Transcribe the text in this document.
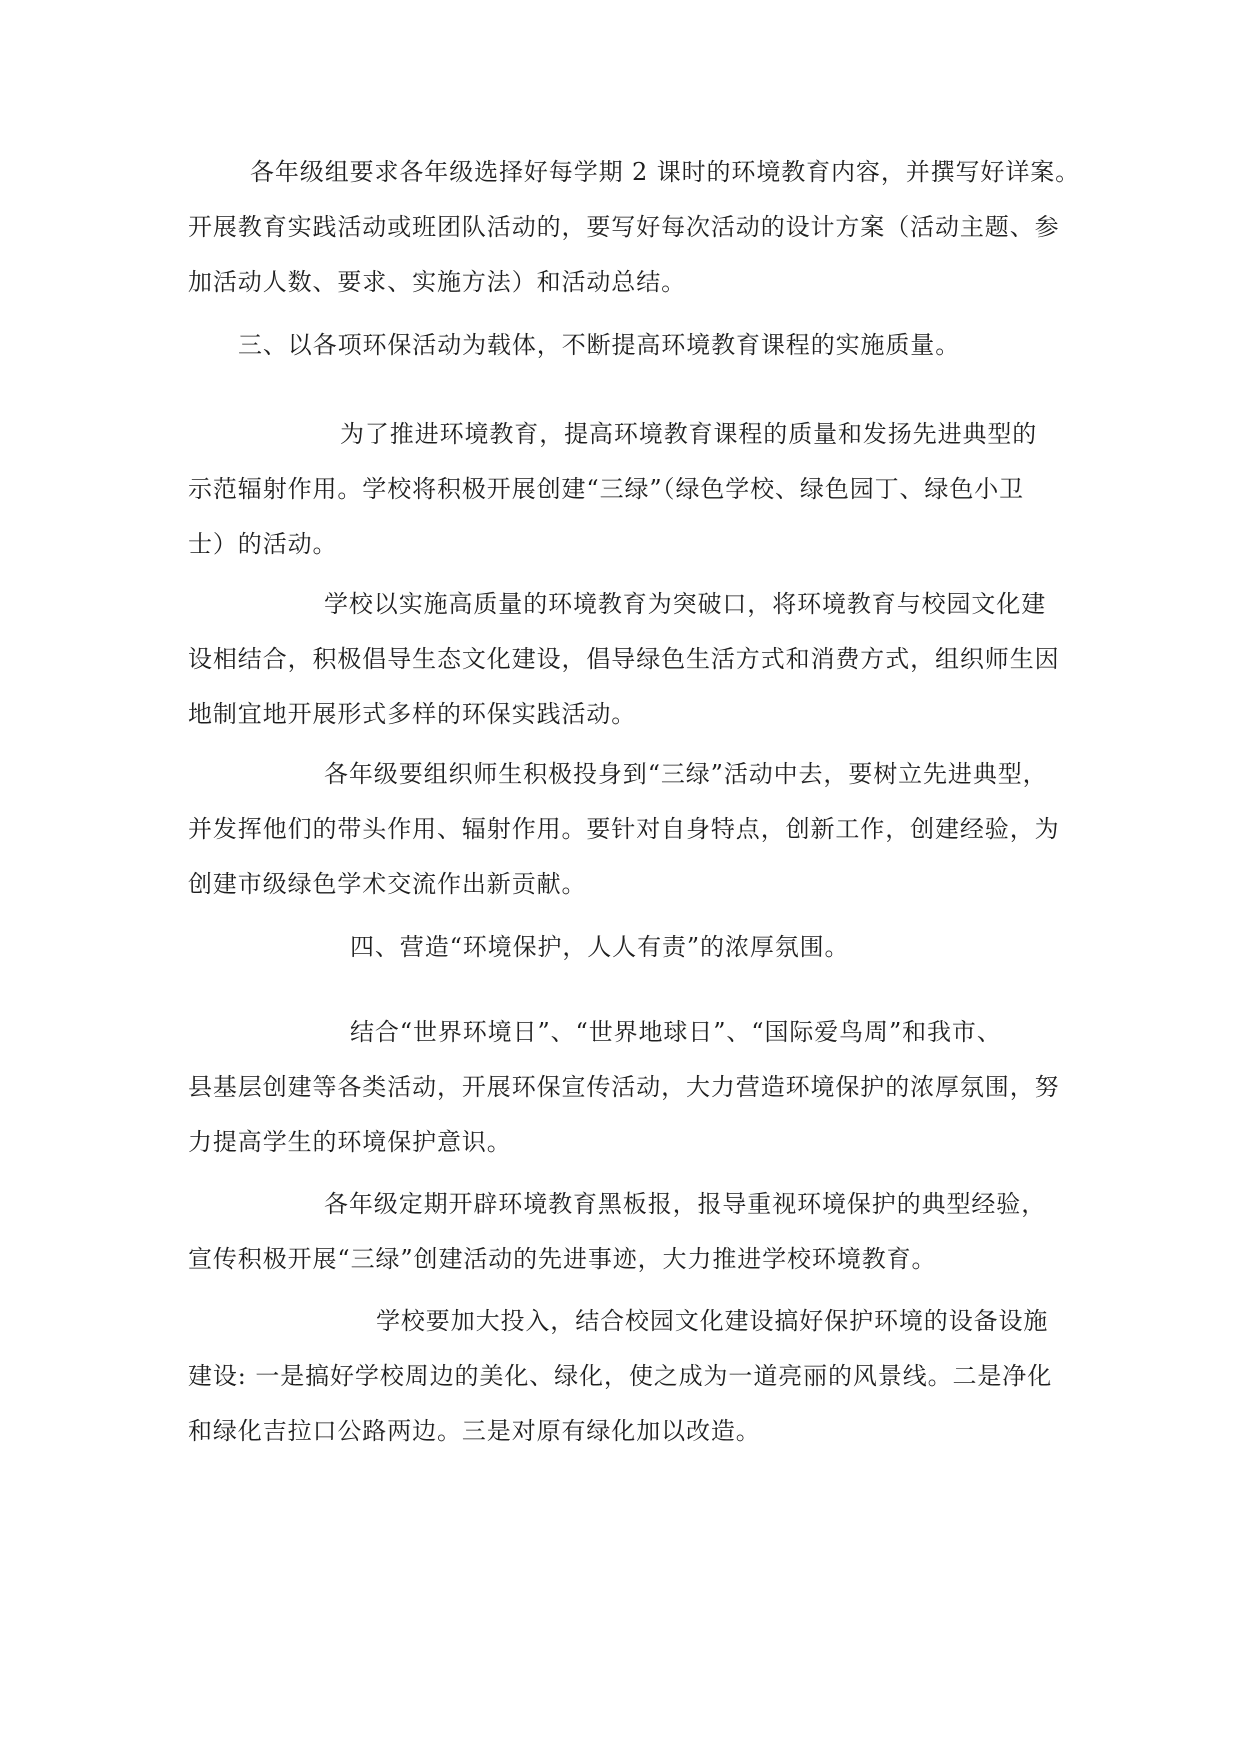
各年级组要求各年级选择好每学期 2 课时的环境教育内容，并撰写好详案。
开展教育实践活动或班团队活动的，要写好每次活动的设计方案（活动主题、参
加活动人数、要求、实施方法）和活动总结。
三、以各项环保活动为载体，不断提高环境教育课程的实施质量。
为了推进环境教育，提高环境教育课程的质量和发扬先进典型的
示范辐射作用。学校将积极开展创建“三绿”（绿色学校、绿色园丁、绿色小卫
士）的活动。
学校以实施高质量的环境教育为突破口，将环境教育与校园文化建
设相结合，积极倡导生态文化建设，倡导绿色生活方式和消费方式，组织师生因
地制宜地开展形式多样的环保实践活动。
各年级要组织师生积极投身到“三绿”活动中去，要树立先进典型，
并发挥他们的带头作用、辐射作用。要针对自身特点，创新工作，创建经验，为
创建市级绿色学术交流作出新贡献。
四、营造“环境保护，人人有责”的浓厚氛围。
结合“世界环境日”、“世界地球日”、“国际爱鸟周”和我市、
县基层创建等各类活动，开展环保宣传活动，大力营造环境保护的浓厚氛围，努
力提高学生的环境保护意识。
各年级定期开辟环境教育黑板报，报导重视环境保护的典型经验，
宣传积极开展“三绿”创建活动的先进事迹，大力推进学校环境教育。
学校要加大投入，结合校园文化建设搞好保护环境的设备设施
建设: 一是搞好学校周边的美化、绿化，使之成为一道亮丽的风景线。二是净化
和绿化吉拉口公路两边。三是对原有绿化加以改造。
